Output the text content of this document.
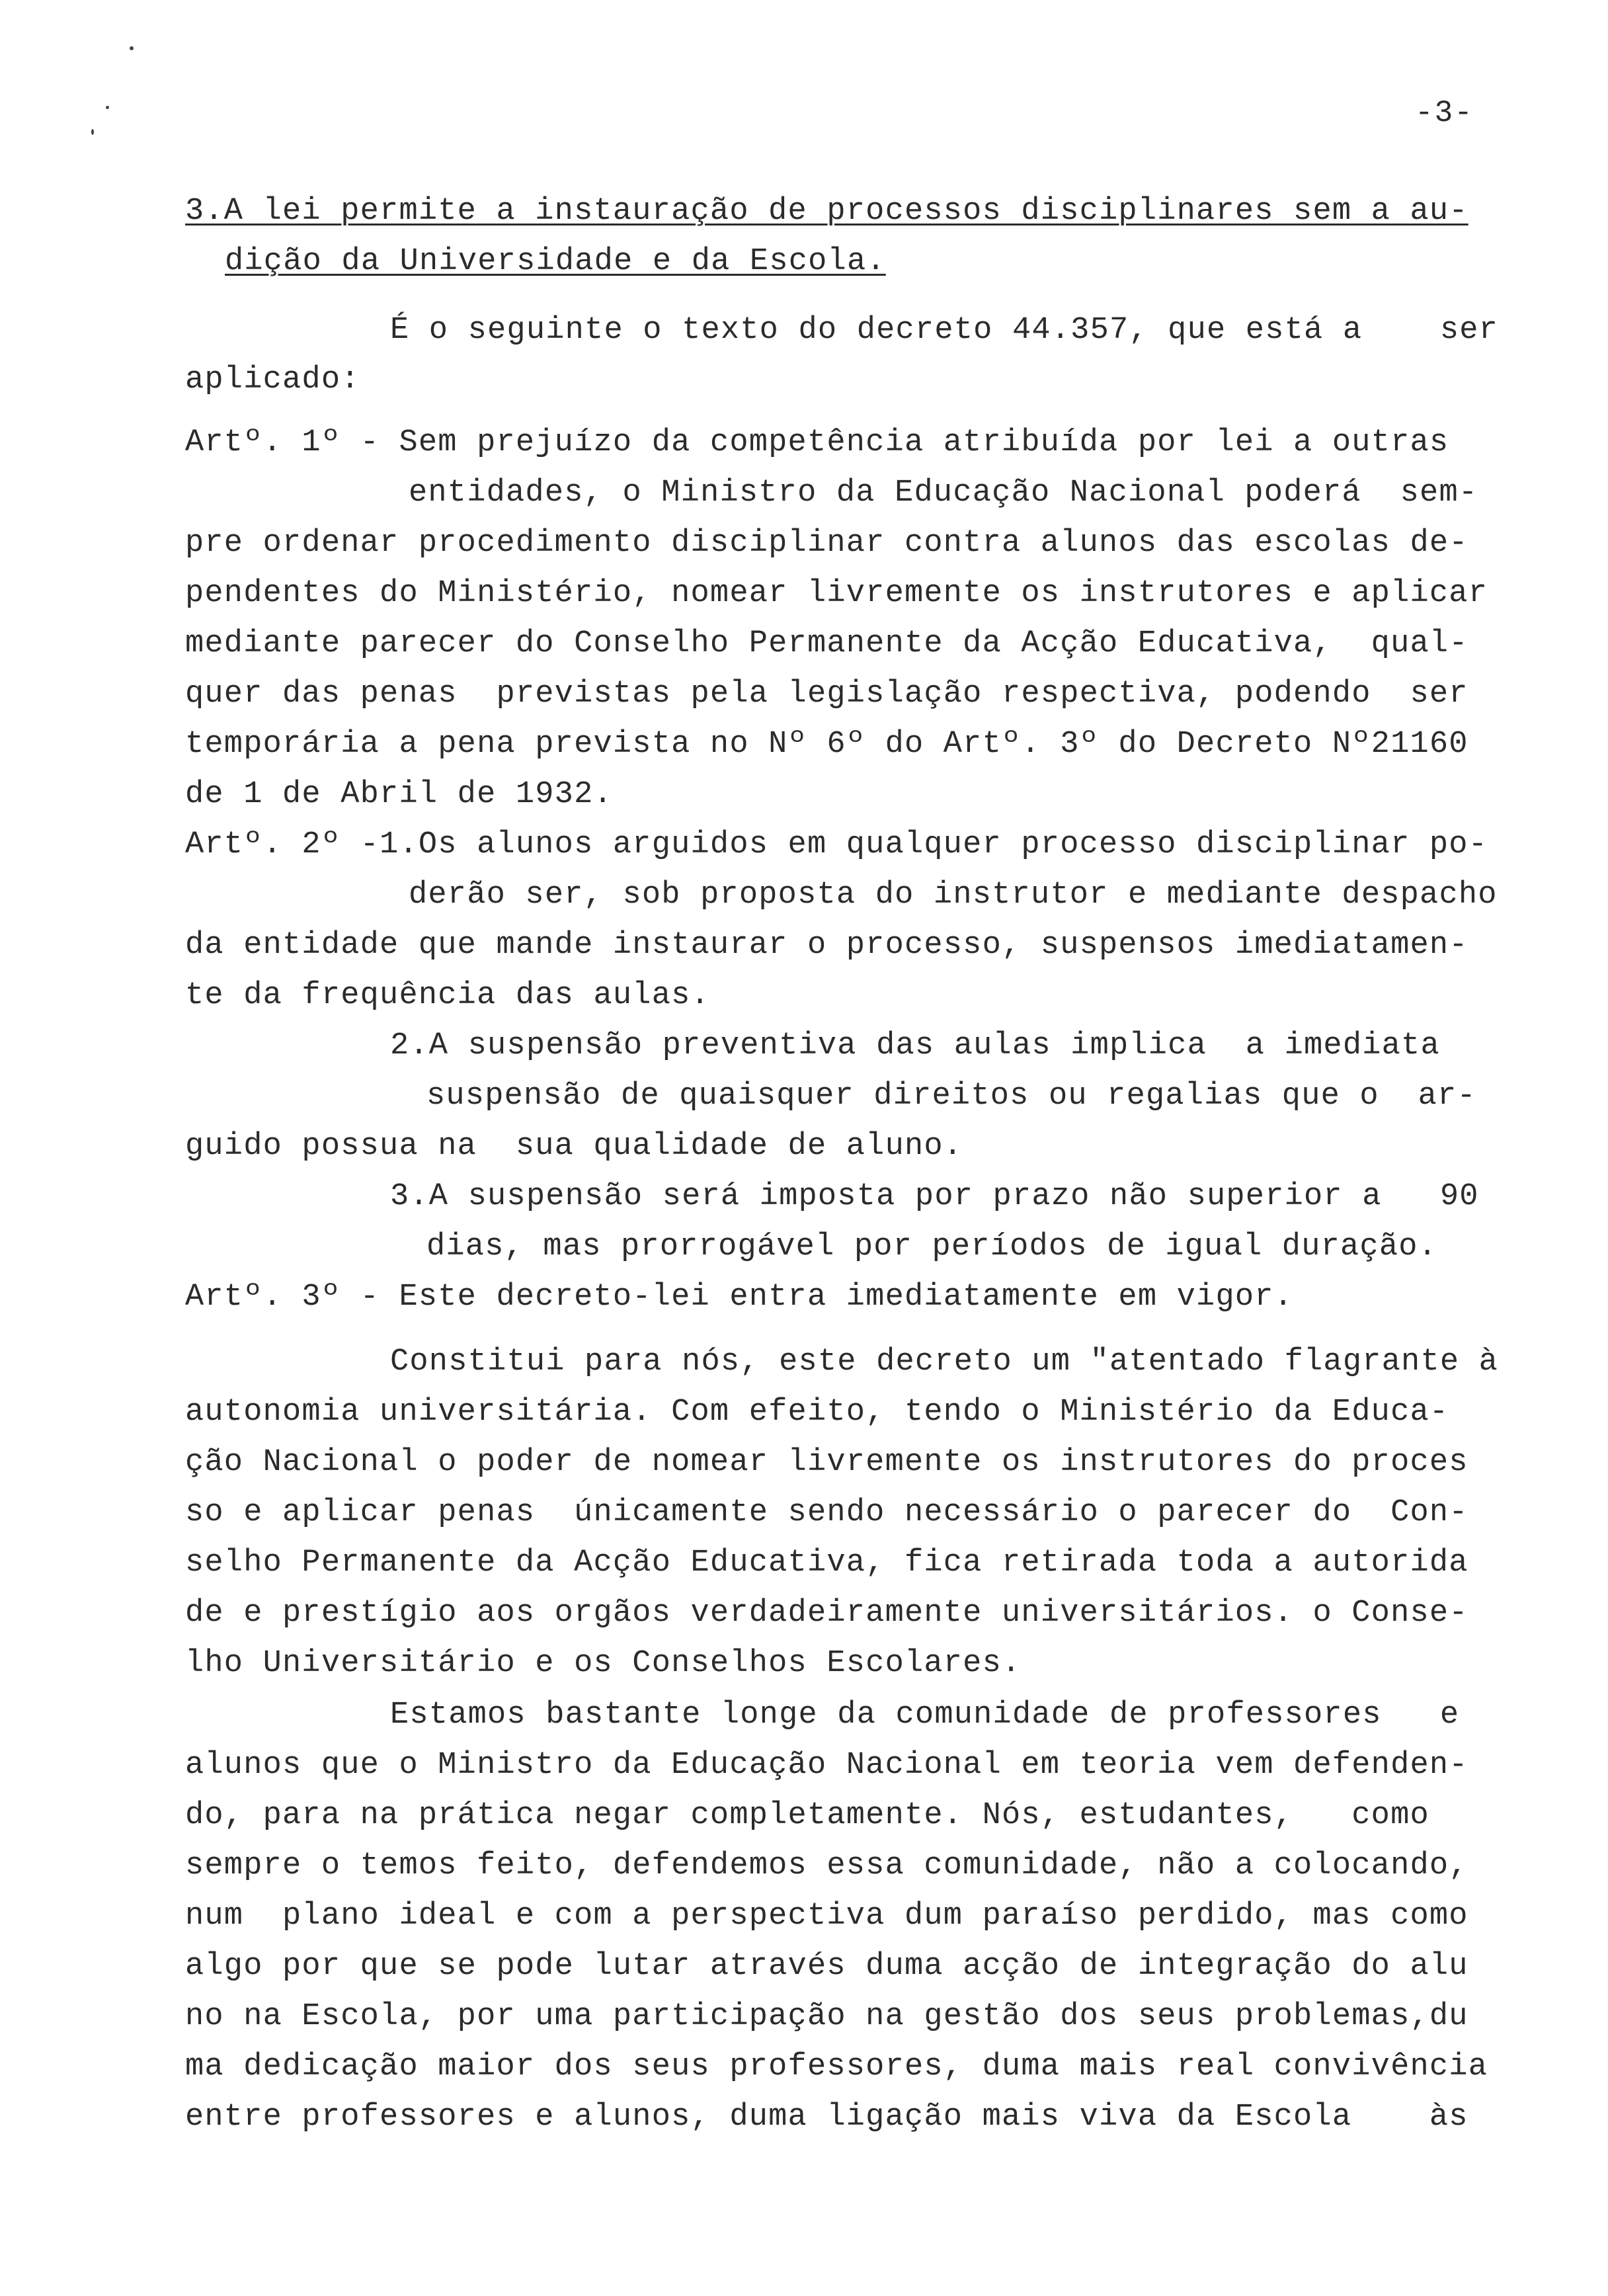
-3-
3.A lei permite a instauração de processos disciplinares sem a au-
dição da Universidade e da Escola.
É o seguinte o texto do decreto 44.357, que está a    ser
aplicado:
Artº. 1º - Sem prejuízo da competência atribuída por lei a outras
entidades, o Ministro da Educação Nacional poderá  sem-
pre ordenar procedimento disciplinar contra alunos das escolas de-
pendentes do Ministério, nomear livremente os instrutores e aplicar
mediante parecer do Conselho Permanente da Acção Educativa,  qual-
quer das penas  previstas pela legislação respectiva, podendo  ser
temporária a pena prevista no Nº 6º do Artº. 3º do Decreto Nº21160
de 1 de Abril de 1932.
Artº. 2º -1.Os alunos arguidos em qualquer processo disciplinar po-
derão ser, sob proposta do instrutor e mediante despacho
da entidade que mande instaurar o processo, suspensos imediatamen-
te da frequência das aulas.
2.A suspensão preventiva das aulas implica  a imediata
suspensão de quaisquer direitos ou regalias que o  ar-
guido possua na  sua qualidade de aluno.
3.A suspensão será imposta por prazo não superior a   90
dias, mas prorrogável por períodos de igual duração.
Artº. 3º - Este decreto-lei entra imediatamente em vigor.
Constitui para nós, este decreto um "atentado flagrante à
autonomia universitária. Com efeito, tendo o Ministério da Educa-
ção Nacional o poder de nomear livremente os instrutores do proces
so e aplicar penas  únicamente sendo necessário o parecer do  Con-
selho Permanente da Acção Educativa, fica retirada toda a autorida
de e prestígio aos orgãos verdadeiramente universitários. o Conse-
lho Universitário e os Conselhos Escolares.
Estamos bastante longe da comunidade de professores   e
alunos que o Ministro da Educação Nacional em teoria vem defenden-
do, para na prática negar completamente. Nós, estudantes,   como
sempre o temos feito, defendemos essa comunidade, não a colocando,
num  plano ideal e com a perspectiva dum paraíso perdido, mas como
algo por que se pode lutar através duma acção de integração do alu
no na Escola, por uma participação na gestão dos seus problemas,du
ma dedicação maior dos seus professores, duma mais real convivência
entre professores e alunos, duma ligação mais viva da Escola    às
